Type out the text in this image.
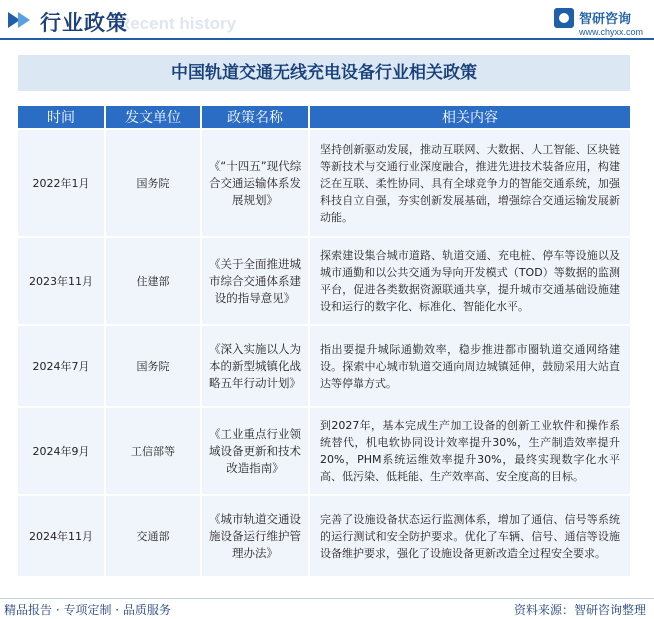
Recent history
行业政策	智研咨询
www.chyxx.com
中国轨道交通无线充电设备行业相关政策
时间	发文单位	政策名称	相关内容
2022年1月	国务院	《“十四五”现代综合交通运输体系发展规划》	坚持创新驱动发展，推动互联网、大数据、人工智能、区块链等新技术与交通行业深度融合，推进先进技术装备应用，构建泛在互联、柔性协同、具有全球竞争力的智能交通系统，加强科技自立自强，夯实创新发展基础，增强综合交通运输发展新动能。
2023年11月	住建部	《关于全面推进城市综合交通体系建设的指导意见》	探索建设集合城市道路、轨道交通、充电桩、停车等设施以及城市通勤和以公共交通为导向开发模式（TOD）等数据的监测平台，促进各类数据资源联通共享，提升城市交通基础设施建设和运行的数字化、标准化、智能化水平。
2024年7月	国务院	《深入实施以人为本的新型城镇化战略五年行动计划》	指出要提升城际通勤效率，稳步推进都市圈轨道交通网络建设。探索中心城市轨道交通向周边城镇延伸，鼓励采用大站直达等停靠方式。
2024年9月	工信部等	《工业重点行业领域设备更新和技术改造指南》	到2027年，基本完成生产加工设备的创新工业软件和操作系统替代，机电软协同设计效率提升30%，生产制造效率提升20%，PHM系统运维效率提升30%，最终实现数字化水平高、低污染、低耗能、生产效率高、安全度高的目标。
2024年11月	交通部	《城市轨道交通设施设备运行维护管理办法》	完善了设施设备状态运行监测体系，增加了通信、信号等系统的运行测试和安全防护要求。优化了车辆、信号、通信等设施设备维护要求，强化了设施设备更新改造全过程安全要求。
精品报告 · 专项定制 · 品质服务	资料来源：智研咨询整理
